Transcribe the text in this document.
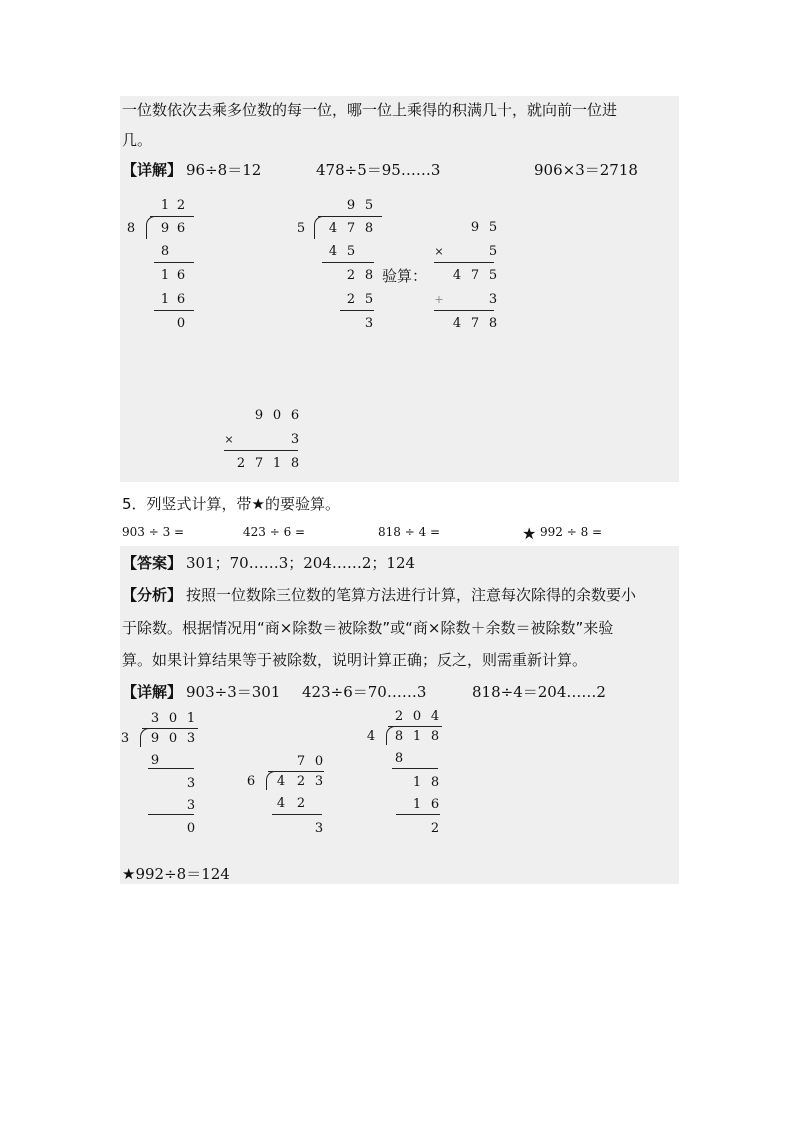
一位数依次去乘多位数的每一位，哪一位上乘得的积满几十，就向前一位进
几。
【详解】 96÷8＝12	478÷5＝95……3	906×3＝2718
1 2
8	9 6
8
1 6
1 6
0
9 5
5	4 7 8
4 5
2 8
2 5
3
验算：
9 5
×	5
4 7 5
+	3
4 7 8
9 0 6
×	3
2 7 1 8
5．列竖式计算，带★的要验算。
903 ÷ 3 =	423 ÷ 6 =	818 ÷ 4 =	★ 992 ÷ 8 =
【答案】 301；70……3；204……2；124
【分析】 按照一位数除三位数的笔算方法进行计算，注意每次除得的余数要小
于除数。根据情况用“商×除数＝被除数”或“商×除数＋余数＝被除数”来验
算。如果计算结果等于被除数，说明计算正确；反之，则需重新计算。
【详解】 903÷3＝301 423÷6＝70……3	818÷4＝204……2
3 0 1
3	9 0 3
9
3
3
0
7 0
6	4 2 3
4 2
3
2 0 4
4	8 1 8
8
1 8
1 6
2
★992÷8＝124
